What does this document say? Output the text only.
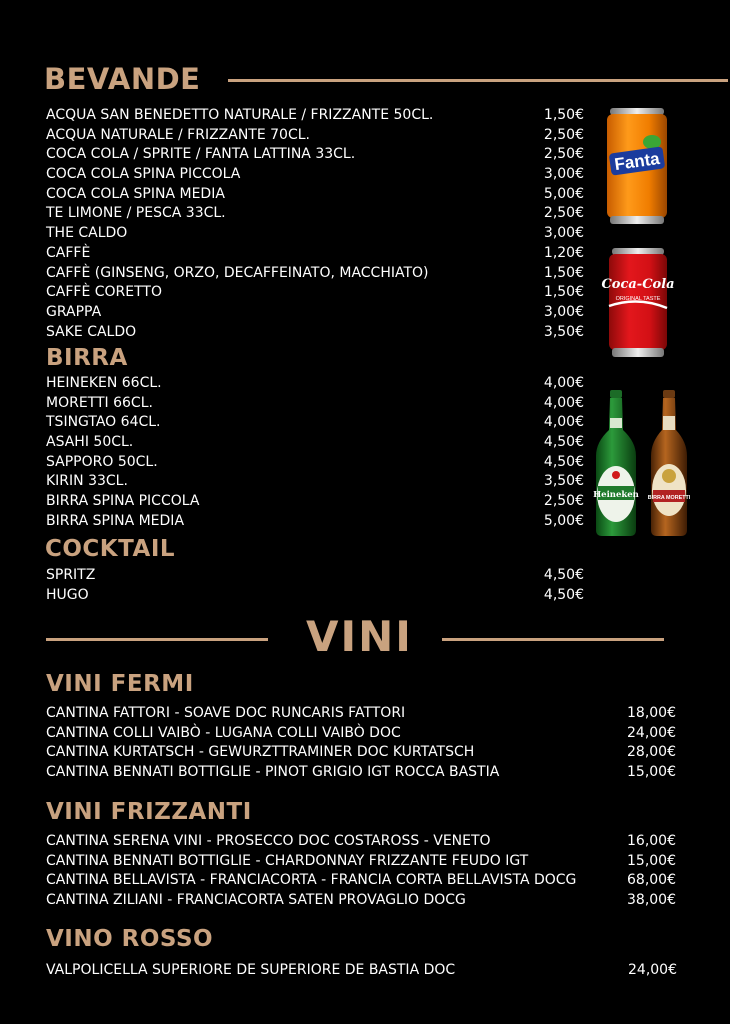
BEVANDE
ACQUA SAN BENEDETTO NATURALE / FRIZZANTE 50CL.	1,50€
ACQUA NATURALE / FRIZZANTE 70CL.	2,50€
COCA COLA / SPRITE / FANTA LATTINA 33CL.	2,50€
COCA COLA SPINA PICCOLA	3,00€
COCA COLA SPINA MEDIA	5,00€
TE LIMONE / PESCA 33CL.	2,50€
THE CALDO	3,00€
CAFFÈ	1,20€
CAFFÈ (GINSENG, ORZO, DECAFFEINATO, MACCHIATO)	1,50€
CAFFÈ CORETTO	1,50€
GRAPPA	3,00€
SAKE CALDO	3,50€
BIRRA
HEINEKEN 66CL.	4,00€
MORETTI 66CL.	4,00€
TSINGTAO 64CL.	4,00€
ASAHI 50CL.	4,50€
SAPPORO 50CL.	4,50€
KIRIN 33CL.	3,50€
BIRRA SPINA PICCOLA	2,50€
BIRRA SPINA MEDIA	5,00€
COCKTAIL
SPRITZ	4,50€
HUGO	4,50€
Fanta
Coca-Cola
ORIGINAL TASTE
Heineken BIRRA MORETTI
VINI
VINI FERMI
CANTINA FATTORI - SOAVE DOC RUNCARIS FATTORI	18,00€
CANTINA COLLI VAIBÒ - LUGANA COLLI VAIBÒ DOC	24,00€
CANTINA KURTATSCH - GEWURZTTRAMINER DOC KURTATSCH	28,00€
CANTINA BENNATI BOTTIGLIE - PINOT GRIGIO IGT ROCCA BASTIA	15,00€
VINI FRIZZANTI
CANTINA SERENA VINI - PROSECCO DOC COSTAROSS - VENETO	16,00€
CANTINA BENNATI BOTTIGLIE - CHARDONNAY FRIZZANTE FEUDO IGT	15,00€
CANTINA BELLAVISTA - FRANCIACORTA - FRANCIA CORTA BELLAVISTA DOCG	68,00€
CANTINA ZILIANI - FRANCIACORTA SATEN PROVAGLIO DOCG	38,00€
VINO ROSSO
VALPOLICELLA SUPERIORE DE SUPERIORE DE BASTIA DOC	24,00€
